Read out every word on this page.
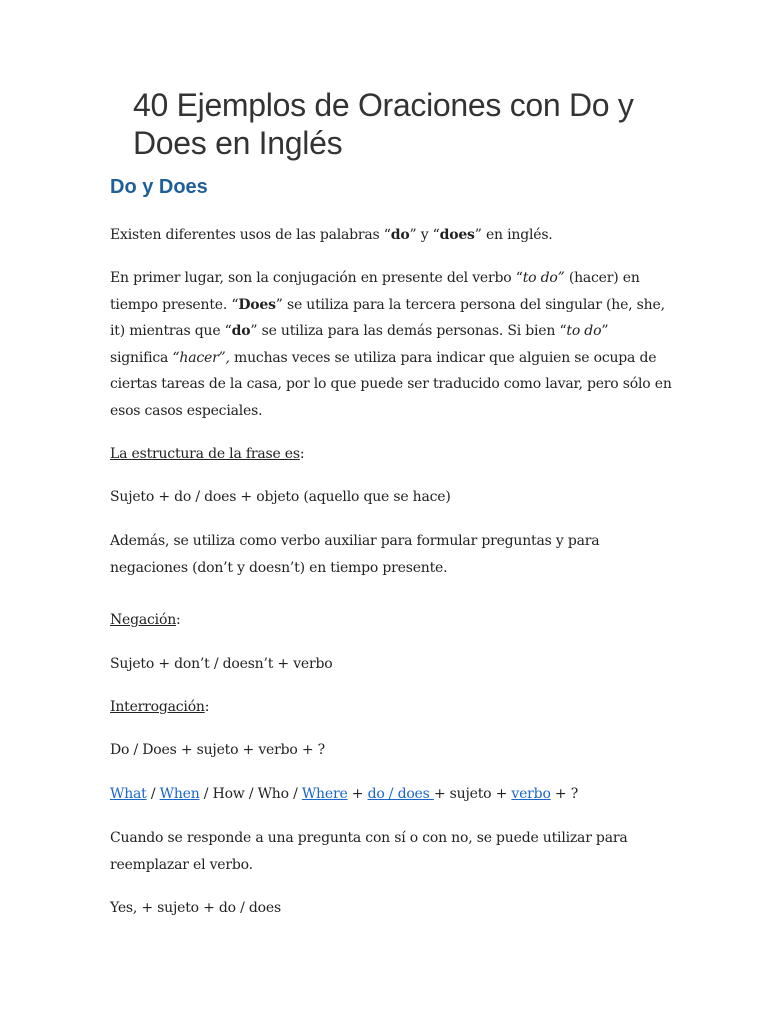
40 Ejemplos de Oraciones con Do y
Does en Inglés
Do y Does

Existen diferentes usos de las palabras “do” y “does” en inglés.

En primer lugar, son la conjugación en presente del verbo “to do” (hacer) en
tiempo presente. “Does” se utiliza para la tercera persona del singular (he, she,
it) mientras que “do” se utiliza para las demás personas. Si bien “to do”
significa “hacer”, muchas veces se utiliza para indicar que alguien se ocupa de
ciertas tareas de la casa, por lo que puede ser traducido como lavar, pero sólo en
esos casos especiales.

La estructura de la frase es:

Sujeto + do / does + objeto (aquello que se hace)

Además, se utiliza como verbo auxiliar para formular preguntas y para
negaciones (don’t y doesn’t) en tiempo presente.

Negación:

Sujeto + don’t / doesn’t + verbo

Interrogación:

Do / Does + sujeto + verbo + ?

What / When / How / Who / Where + do / does + sujeto + verbo + ?

Cuando se responde a una pregunta con sí o con no, se puede utilizar para
reemplazar el verbo.

Yes, + sujeto + do / does
